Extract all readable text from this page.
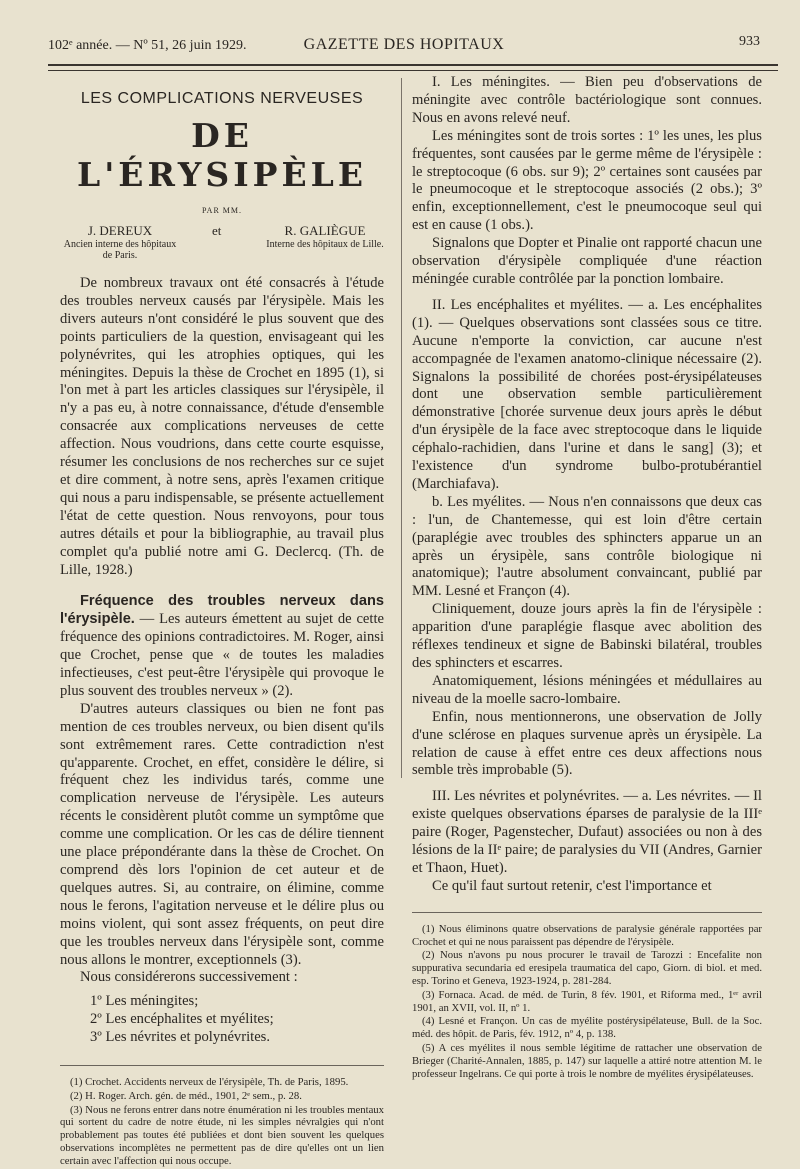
102ᵉ année. — Nº 51, 26 juin 1929.	GAZETTE DES HOPITAUX	933
LES COMPLICATIONS NERVEUSES
DE L'ÉRYSIPÈLE
PAR MM.
J. DEREUX
Ancien interne des hôpitaux de Paris.
et	R. GALIÈGUE
Interne des hôpitaux de Lille.

De nombreux travaux ont été consacrés à l'étude des troubles nerveux causés par l'érysipèle. Mais les divers auteurs n'ont considéré le plus souvent que des points particuliers de la question, envisageant qui les polynévrites, qui les atrophies optiques, qui les méningites. Depuis la thèse de Crochet en 1895 (1), si l'on met à part les articles classiques sur l'érysipèle, il n'y a pas eu, à notre connaissance, d'étude d'ensemble consacrée aux complications nerveuses de cette affection. Nous voudrions, dans cette courte esquisse, résumer les conclusions de nos recherches sur ce sujet et dire comment, à notre sens, après l'examen critique qui nous a paru indispensable, se présente actuellement l'état de cette question. Nous renvoyons, pour tous autres détails et pour la bibliographie, au travail plus complet qu'a publié notre ami G. Declercq. (Th. de Lille, 1928.)

Fréquence des troubles nerveux dans l'érysipèle. — Les auteurs émettent au sujet de cette fréquence des opinions contradictoires. M. Roger, ainsi que Crochet, pense que « de toutes les maladies infectieuses, c'est peut-être l'érysipèle qui provoque le plus souvent des troubles nerveux » (2).

D'autres auteurs classiques ou bien ne font pas mention de ces troubles nerveux, ou bien disent qu'ils sont extrêmement rares. Cette contradiction n'est qu'apparente. Crochet, en effet, considère le délire, si fréquent chez les individus tarés, comme une complication nerveuse de l'érysipèle. Les auteurs récents le considèrent plutôt comme un symptôme que comme une complication. Or les cas de délire tiennent une place prépondérante dans la thèse de Crochet. On comprend dès lors l'opinion de cet auteur et de quelques autres. Si, au contraire, on élimine, comme nous le ferons, l'agitation nerveuse et le délire plus ou moins violent, qui sont assez fréquents, on peut dire que les troubles nerveux dans l'érysipèle sont, comme nous allons le montrer, exceptionnels (3).

Nous considérerons successivement :

1º Les méningites;
2º Les encéphalites et myélites;
3º Les névrites et polynévrites.

(1) Crochet. Accidents nerveux de l'érysipèle, Th. de Paris, 1895.

(2) H. Roger. Arch. gén. de méd., 1901, 2ᵉ sem., p. 28.

(3) Nous ne ferons entrer dans notre énumération ni les troubles mentaux qui sortent du cadre de notre étude, ni les simples névralgies qui n'ont probablement pas toutes été publiées et dont bien souvent les quelques observations incomplètes ne permettent pas de dire qu'elles ont un lien certain avec l'affection qui nous occupe.

I. Les méningites. — Bien peu d'observations de méningite avec contrôle bactériologique sont connues. Nous en avons relevé neuf.

Les méningites sont de trois sortes : 1º les unes, les plus fréquentes, sont causées par le germe même de l'érysipèle : le streptocoque (6 obs. sur 9); 2º certaines sont causées par le pneumocoque et le streptocoque associés (2 obs.); 3º enfin, exceptionnellement, c'est le pneumocoque seul qui est en cause (1 obs.).

Signalons que Dopter et Pinalie ont rapporté chacun une observation d'érysipèle compliquée d'une réaction méningée curable contrôlée par la ponction lombaire.

II. Les encéphalites et myélites. — a. Les encéphalites (1). — Quelques observations sont classées sous ce titre. Aucune n'emporte la conviction, car aucune n'est accompagnée de l'examen anatomo-clinique nécessaire (2). Signalons la possibilité de chorées post-érysipélateuses dont une observation semble particulièrement démonstrative [chorée survenue deux jours après le début d'un érysipèle de la face avec streptocoque dans le liquide céphalo-rachidien, dans l'urine et dans le sang] (3); et l'existence d'un syndrome bulbo-protubérantiel (Marchiafava).

b. Les myélites. — Nous n'en connaissons que deux cas : l'un, de Chantemesse, qui est loin d'être certain (paraplégie avec troubles des sphincters apparue un an après un érysipèle, sans contrôle biologique ni anatomique); l'autre absolument convaincant, publié par MM. Lesné et Françon (4).

Cliniquement, douze jours après la fin de l'érysipèle : apparition d'une paraplégie flasque avec abolition des réflexes tendineux et signe de Babinski bilatéral, troubles des sphincters et escarres.

Anatomiquement, lésions méningées et médullaires au niveau de la moelle sacro-lombaire.

Enfin, nous mentionnerons, une observation de Jolly d'une sclérose en plaques survenue après un érysipèle. La relation de cause à effet entre ces deux affections nous semble très improbable (5).

III. Les névrites et polynévrites. — a. Les névrites. — Il existe quelques observations éparses de paralysie de la IIIᵉ paire (Roger, Pagenstecher, Dufaut) associées ou non à des lésions de la IIᵉ paire; de paralysies du VII (Andres, Garnier et Thaon, Huet).

Ce qu'il faut surtout retenir, c'est l'importance et

(1) Nous éliminons quatre observations de paralysie générale rapportées par Crochet et qui ne nous paraissent pas dépendre de l'érysipèle.

(2) Nous n'avons pu nous procurer le travail de Tarozzi : Encefalite non suppurativa secundaria ed eresipela traumatica del capo, Giorn. di biol. et med. esp. Torino et Geneva, 1923-1924, p. 281-284.

(3) Fornaca. Acad. de méd. de Turin, 8 fév. 1901, et Riforma med., 1ᵉʳ avril 1901, an XVII, vol. II, nº 1.

(4) Lesné et Françon. Un cas de myélite postérysipélateuse, Bull. de la Soc. méd. des hôpit. de Paris, fév. 1912, nº 4, p. 138.

(5) A ces myélites il nous semble légitime de rattacher une observation de Brieger (Charité-Annalen, 1885, p. 147) sur laquelle a attiré notre attention M. le professeur Ingelrans. Ce qui porte à trois le nombre de myélites érysipélateuses.
